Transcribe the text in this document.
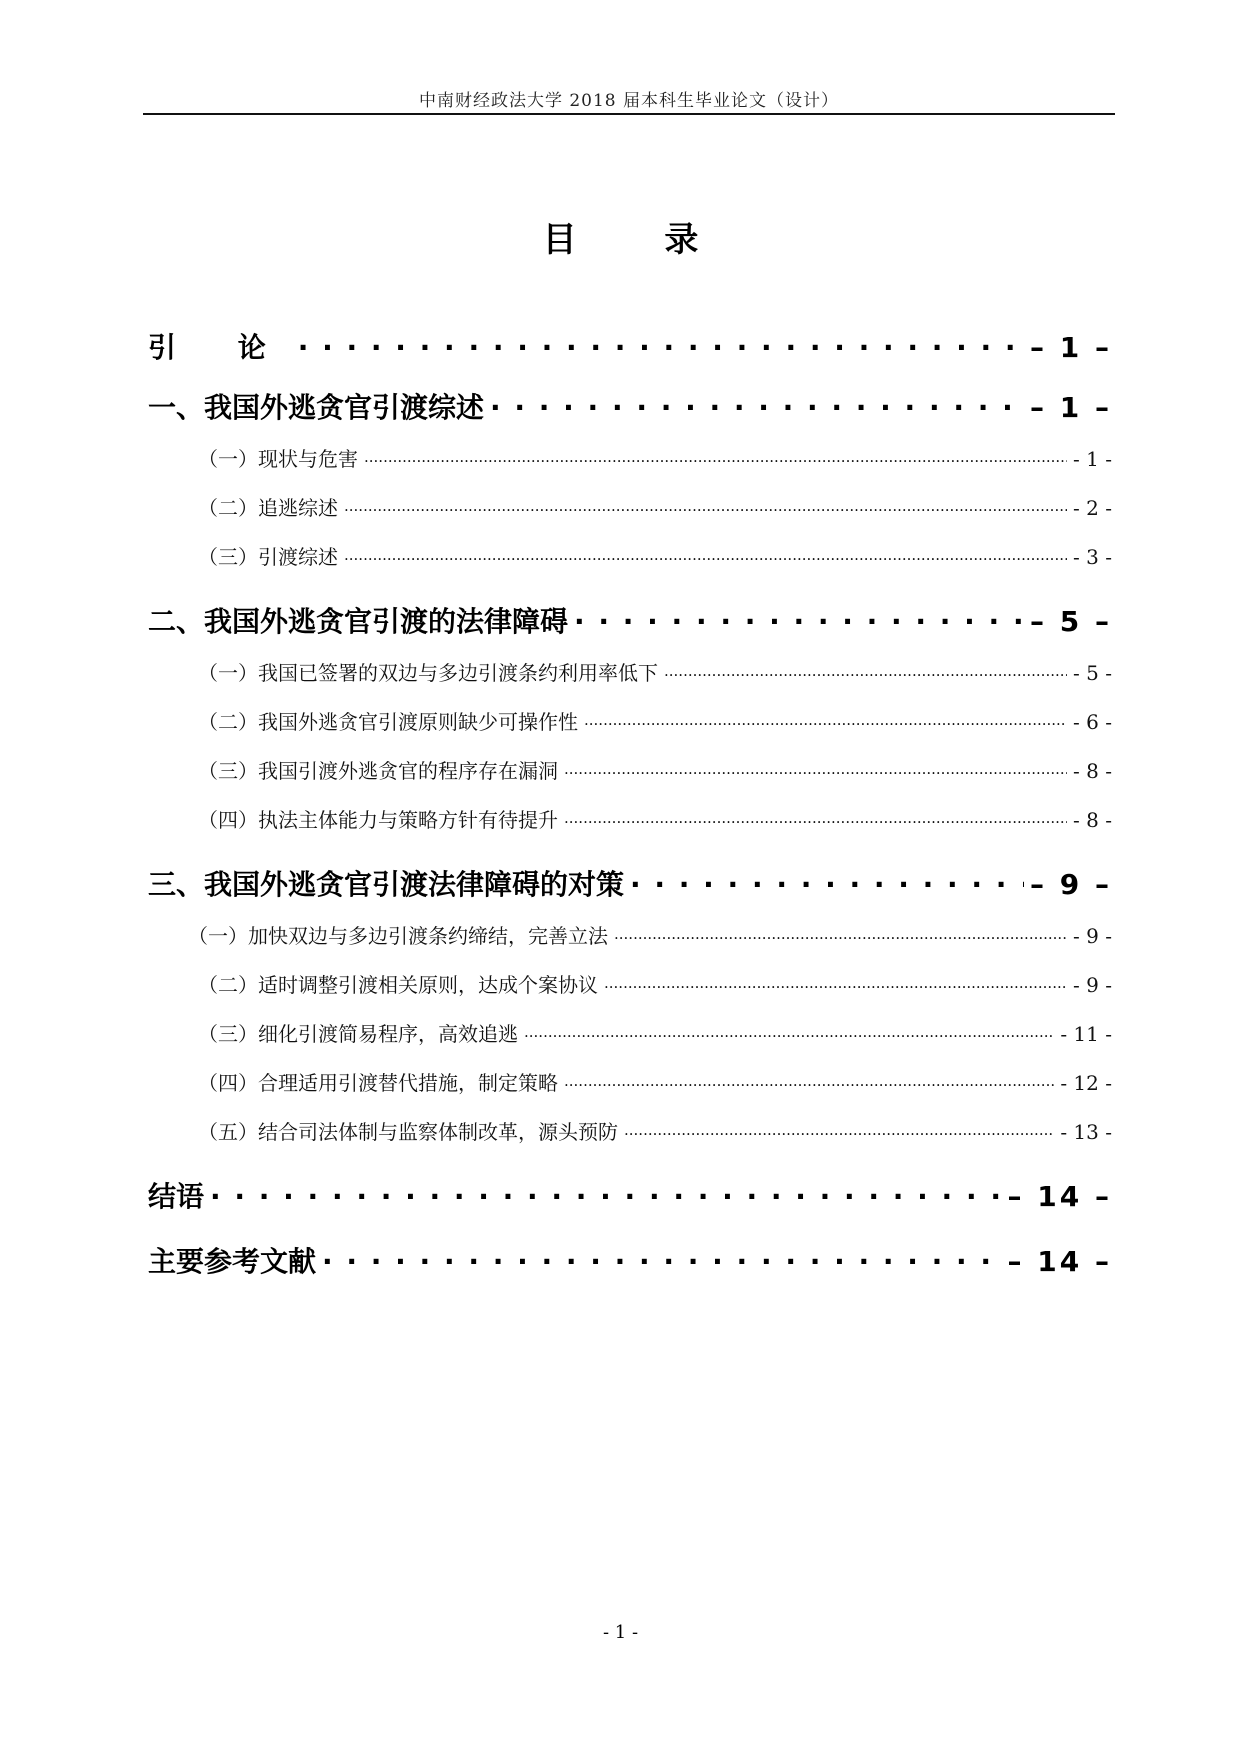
中南财经政法大学 2018 届本科生毕业论文（设计）
目 录
引 论 . . .	– 1 –
一、我国外逃贪官引渡综述 . . .	– 1 –
（一）现状与危害 .....	- 1 -
（二）追逃综述 .....	- 2 -
（三）引渡综述 .....	- 3 -
二、我国外逃贪官引渡的法律障碍 . . .	– 5 –
（一）我国已签署的双边与多边引渡条约利用率低下 .....	- 5 -
（二）我国外逃贪官引渡原则缺少可操作性 .....	- 6 -
（三）我国引渡外逃贪官的程序存在漏洞 .....	- 8 -
（四）执法主体能力与策略方针有待提升 .....	- 8 -
三、我国外逃贪官引渡法律障碍的对策 . . .	– 9 –
（一）加快双边与多边引渡条约缔结，完善立法 .....	- 9 -
（二）适时调整引渡相关原则，达成个案协议 .....	- 9 -
（三）细化引渡简易程序，高效追逃 .....	- 11 -
（四）合理适用引渡替代措施，制定策略 .....	- 12 -
（五）结合司法体制与监察体制改革，源头预防 .....	- 13 -
结语 . . .	– 14 –
主要参考文献 . . .	– 14 –
- 1 -
